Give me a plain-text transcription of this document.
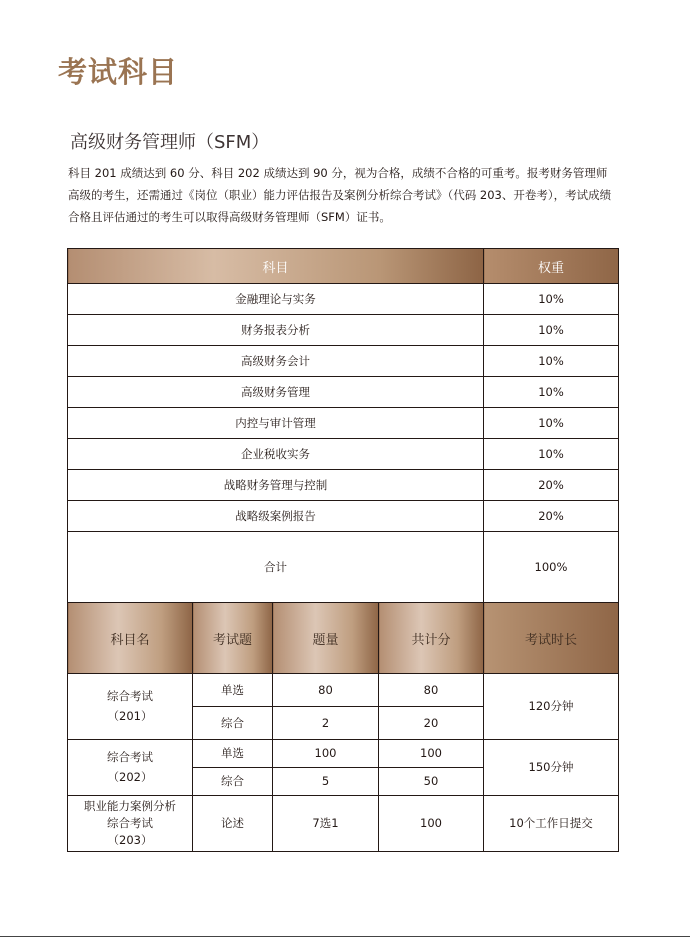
考试科目
高级财务管理师（SFM）

科目 201 成绩达到 60 分、科目 202 成绩达到 90 分，视为合格，成绩不合格的可重考。报考财务管理师高级的考生，还需通过《岗位（职业）能力评估报告及案例分析综合考试》（代码 203、开卷考），考试成绩合格且评估通过的考生可以取得高级财务管理师（SFM）证书。

科目	权重
金融理论与实务	10%
财务报表分析	10%
高级财务会计	10%
高级财务管理	10%
内控与审计管理	10%
企业税收实务	10%
战略财务管理与控制	20%
战略级案例报告	20%
合计	100%
科目名	考试题	题量	共计分	考试时长
综合考试
（201）	单选	80	80	120分钟
	综合	2	20	
综合考试
（202）	单选	100	100	150分钟
	综合	5	50	
职业能力案例分析
综合考试
（203）	论述	7选1	100	10个工作日提交
